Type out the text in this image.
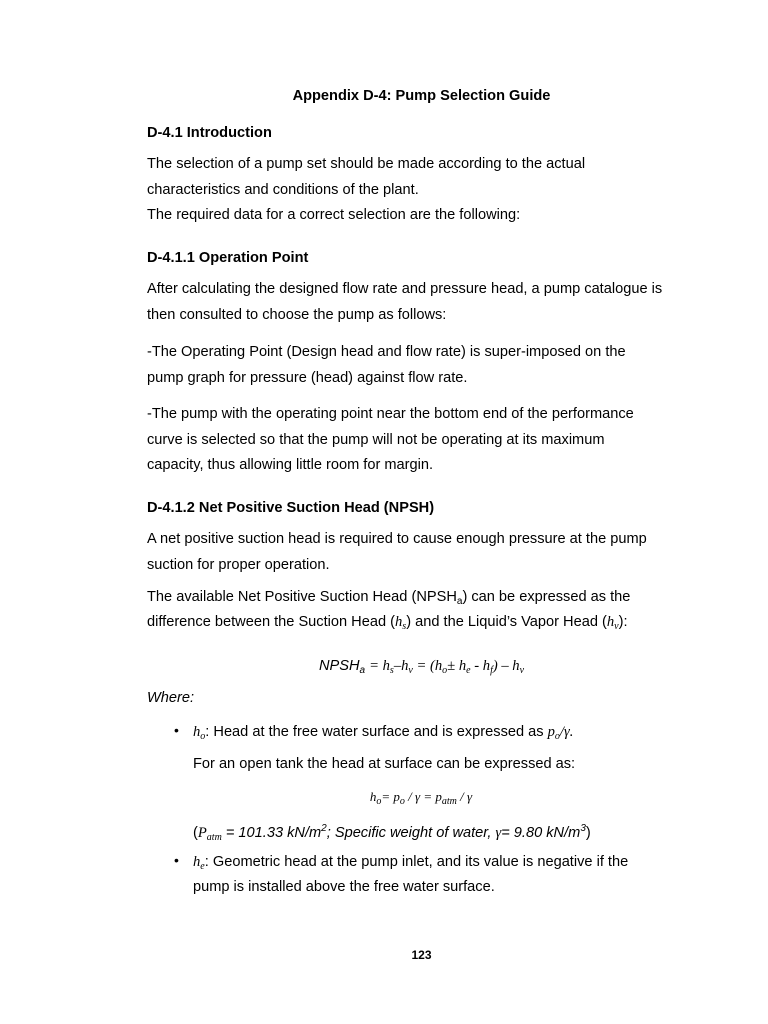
Appendix D-4: Pump Selection Guide
D-4.1 Introduction
The selection of a pump set should be made according to the actual
characteristics and conditions of the plant.
The required data for a correct selection are the following:
D-4.1.1 Operation Point
After calculating the designed flow rate and pressure head, a pump catalogue is
then consulted to choose the pump as follows:
-The Operating Point (Design head and flow rate) is super-imposed on the
pump graph for pressure (head) against flow rate.
-The pump with the operating point near the bottom end of the performance
curve is selected so that the pump will not be operating at its maximum
capacity, thus allowing little room for margin.
D-4.1.2 Net Positive Suction Head (NPSH)
A net positive suction head is required to cause enough pressure at the pump
suction for proper operation.
The available Net Positive Suction Head $(NPSH_a)$ can be expressed as the
difference between the Suction Head $(h_s)$ and the Liquid’s Vapor Head $(h_v)$:
$NPSH_a = h_s-h_v = (h_o\pm h_e - h_f) - h_v$
Where:
• $h_o$: Head at the free water surface and is expressed as $p_o/\gamma$.
For an open tank the head at surface can be expressed as:
$h_o= p_o / \gamma = p_{atm} / \gamma$
($P_{atm} = 101.33$ $kN/m^2$; Specific weight of water, γ= 9.80 $kN/m^3$)
• $h_e$: Geometric head at the pump inlet, and its value is negative if the
pump is installed above the free water surface.
123
